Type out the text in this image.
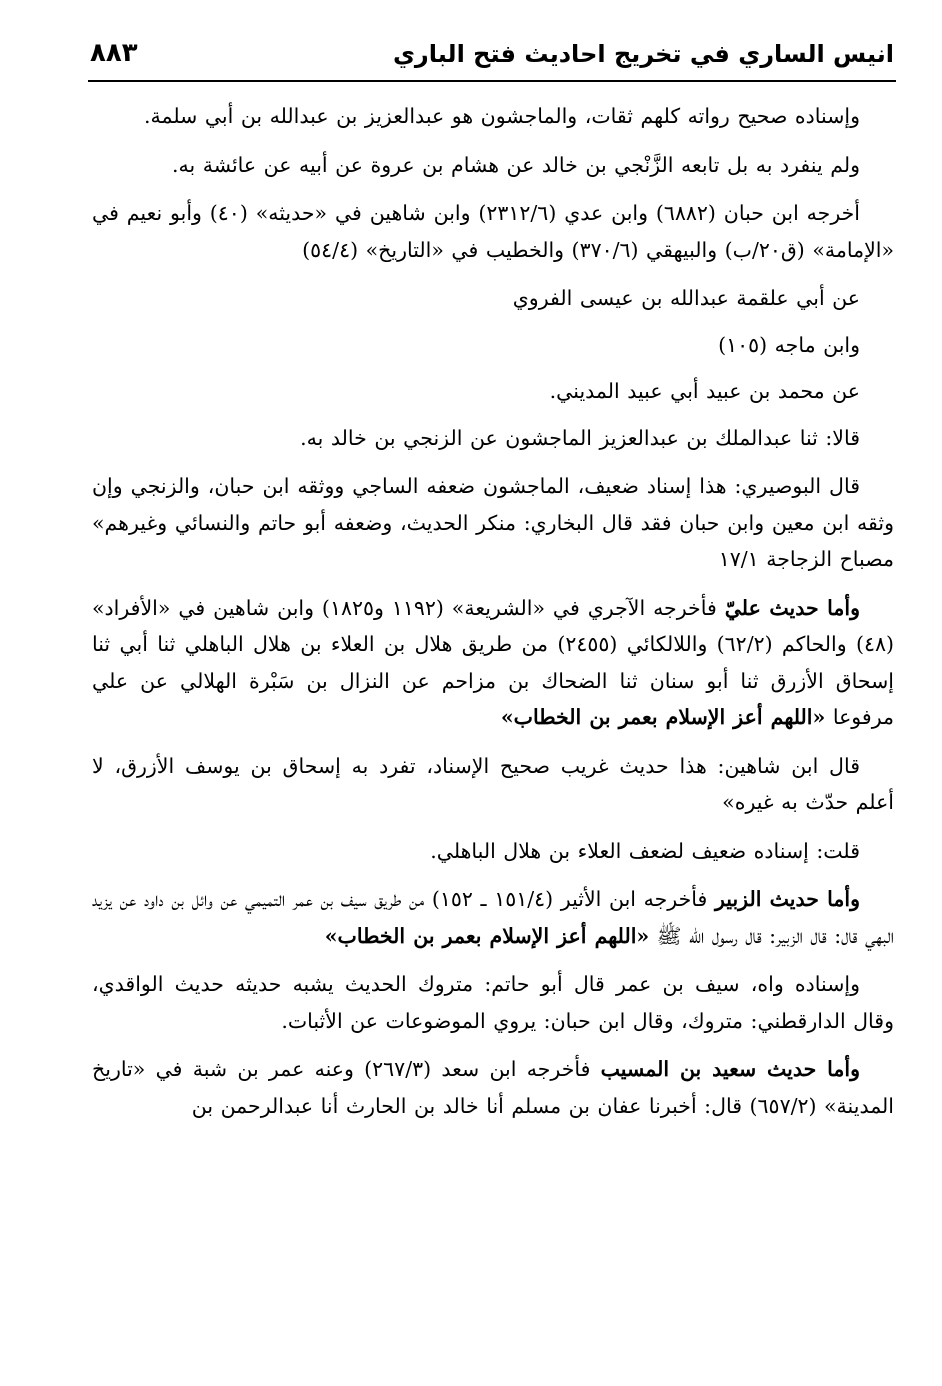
انيس الساري في تخريج احاديث فتح الباري
٨٨٣

وإسناده صحيح رواته كلهم ثقات، والماجشون هو عبدالعزيز بن عبدالله بن أبي سلمة.

ولم ينفرد به بل تابعه الزَّنْجي بن خالد عن هشام بن عروة عن أبيه عن عائشة به.

أخرجه ابن حبان (٦٨٨٢) وابن عدي (٢٣١٢/٦) وابن شاهين في «حديثه» (٤٠) وأبو نعيم في «الإمامة» (ق٢٠/ب) والبيهقي (٣٧٠/٦) والخطيب في «التاريخ» (٥٤/٤)

عن أبي علقمة عبدالله بن عيسى الفروي

وابن ماجه (١٠٥)

عن محمد بن عبيد أبي عبيد المديني.

قالا: ثنا عبدالملك بن عبدالعزيز الماجشون عن الزنجي بن خالد به.

قال البوصيري: هذا إسناد ضعيف، الماجشون ضعفه الساجي ووثقه ابن حبان، والزنجي وإن وثقه ابن معين وابن حبان فقد قال البخاري: منكر الحديث، وضعفه أبو حاتم والنسائي وغيرهم» مصباح الزجاجة ١٧/١

وأما حديث عليّ فأخرجه الآجري في «الشريعة» (١١٩٢ و١٨٢٥) وابن شاهين في «الأفراد» (٤٨) والحاكم (٦٢/٢) واللالكائي (٢٤٥٥) من طريق هلال بن العلاء بن هلال الباهلي ثنا أبي ثنا إسحاق الأزرق ثنا أبو سنان ثنا الضحاك بن مزاحم عن النزال بن سَبْرة الهلالي عن علي مرفوعا «اللهم أعز الإسلام بعمر بن الخطاب»

قال ابن شاهين: هذا حديث غريب صحيح الإسناد، تفرد به إسحاق بن يوسف الأزرق، لا أعلم حدّث به غيره»

قلت: إسناده ضعيف لضعف العلاء بن هلال الباهلي.

وأما حديث الزبير فأخرجه ابن الأثير (١٥١/٤ ـ ١٥٢) من طريق سيف بن عمر التميمي عن وائل بن داود عن يزيد البهي قال: قال الزبير: قال رسول الله ﷺ «اللهم أعز الإسلام بعمر بن الخطاب»

وإسناده واه، سيف بن عمر قال أبو حاتم: متروك الحديث يشبه حديثه حديث الواقدي، وقال الدارقطني: متروك، وقال ابن حبان: يروي الموضوعات عن الأثبات.

وأما حديث سعيد بن المسيب فأخرجه ابن سعد (٢٦٧/٣) وعنه عمر بن شبة في «تاريخ المدينة» (٦٥٧/٢) قال: أخبرنا عفان بن مسلم أنا خالد بن الحارث أنا عبدالرحمن بن
